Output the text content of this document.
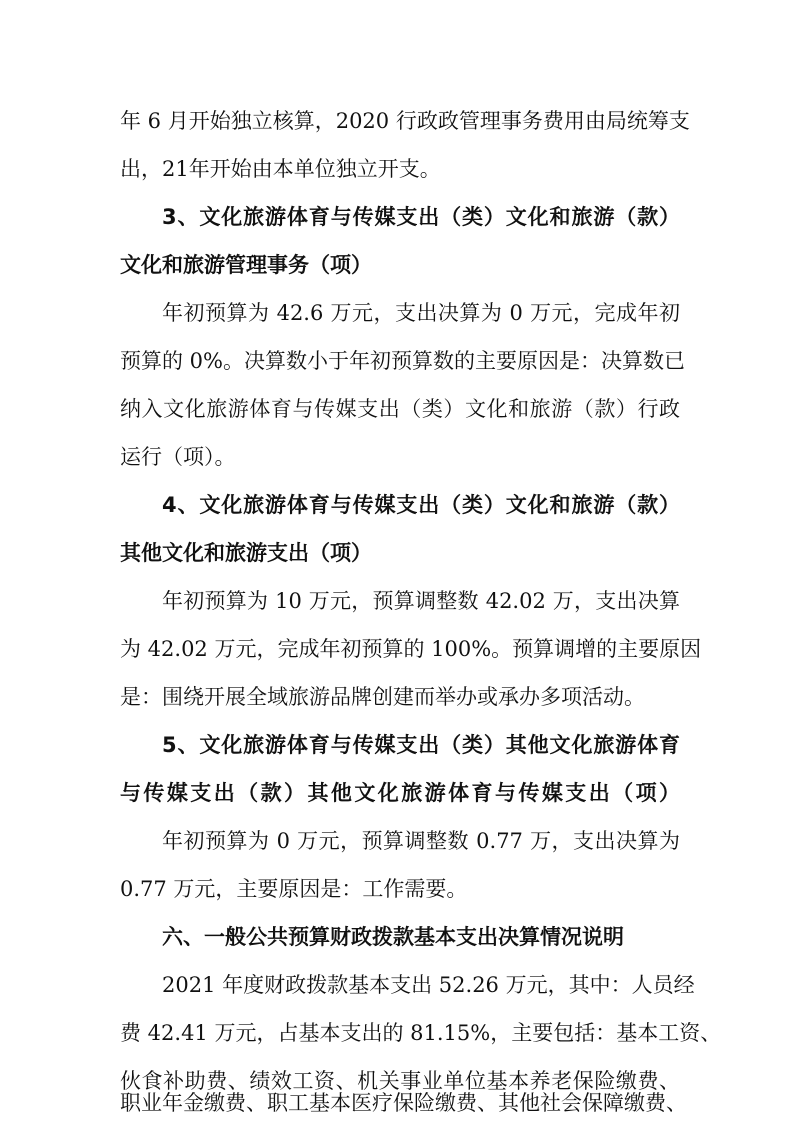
年 6 月开始独立核算，2020 行政政管理事务费用由局统筹支
出，21年开始由本单位独立开支。
3、文化旅游体育与传媒支出（类）文化和旅游（款）
文化和旅游管理事务（项）
年初预算为 42.6 万元，支出决算为 0 万元，完成年初
预算的 0%。决算数小于年初预算数的主要原因是：决算数已
纳入文化旅游体育与传媒支出（类）文化和旅游（款）行政
运行（项）。
4、文化旅游体育与传媒支出（类）文化和旅游（款）
其他文化和旅游支出（项）
年初预算为 10 万元，预算调整数 42.02 万，支出决算
为 42.02 万元，完成年初预算的 100%。预算调增的主要原因
是：围绕开展全域旅游品牌创建而举办或承办多项活动。
5、文化旅游体育与传媒支出（类）其他文化旅游体育
与传媒支出（款）其他文化旅游体育与传媒支出（项）
年初预算为 0 万元，预算调整数 0.77 万，支出决算为
0.77 万元，主要原因是：工作需要。
六、一般公共预算财政拨款基本支出决算情况说明
2021 年度财政拨款基本支出 52.26 万元，其中：人员经
费 42.41 万元，占基本支出的 81.15%，主要包括：基本工资、
伙食补助费、绩效工资、机关事业单位基本养老保险缴费、
职业年金缴费、职工基本医疗保险缴费、其他社会保障缴费、
